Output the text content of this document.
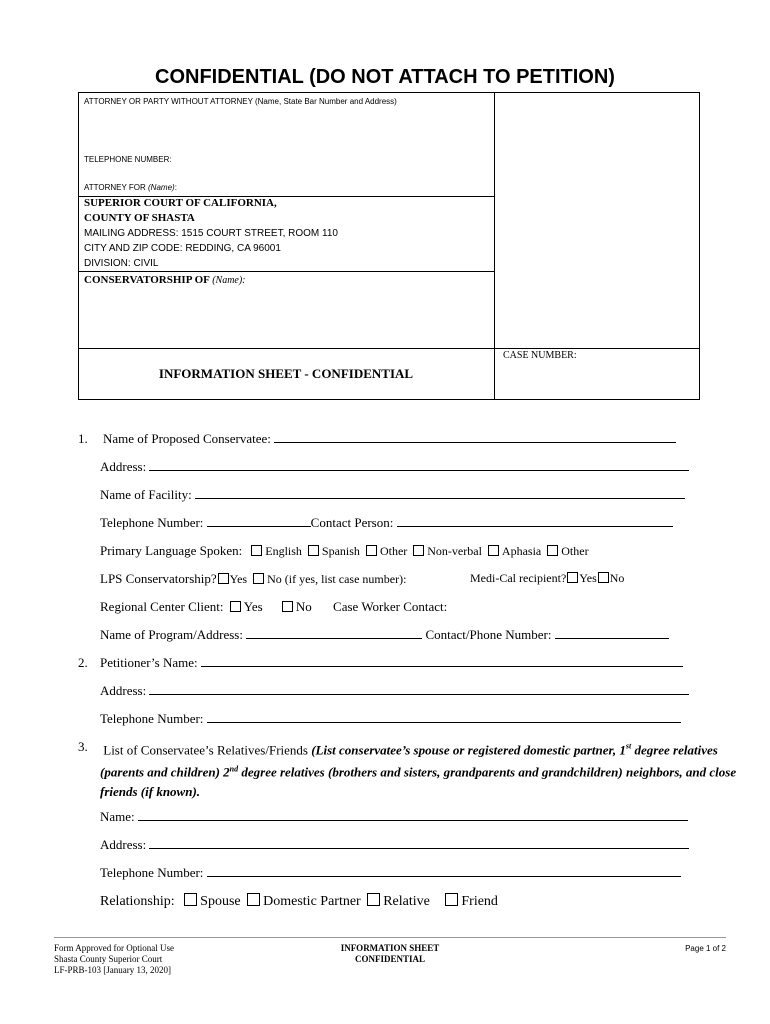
CONFIDENTIAL (DO NOT ATTACH TO PETITION)
ATTORNEY OR PARTY WITHOUT ATTORNEY (Name, State Bar Number and Address)
TELEPHONE NUMBER:
ATTORNEY FOR (Name):
SUPERIOR COURT OF CALIFORNIA,
COUNTY OF SHASTA
MAILING ADDRESS: 1515 COURT STREET, ROOM 110
CITY AND ZIP CODE: REDDING, CA 96001
DIVISION: CIVIL
CONSERVATORSHIP OF (Name):
CASE NUMBER:
INFORMATION SHEET - CONFIDENTIAL
1. Name of Proposed Conservatee:
Address:
Name of Facility:
Telephone Number:	Contact Person:
Primary Language Spoken: English Spanish Other Non-verbal Aphasia Other
LPS Conservatorship? Yes No (if yes, list case number):	Medi-Cal recipient? Yes No
Regional Center Client: Yes	No Case Worker Contact:
Name of Program/Address:	Contact/Phone Number:
2. Petitioner’s Name:
Address:
Telephone Number:
3. List of Conservatee’s Relatives/Friends (List conservatee’s spouse or registered domestic partner, 1st degree relatives (parents and children) 2nd degree relatives (brothers and sisters, grandparents and grandchildren) neighbors, and close friends (if known).
Name:
Address:
Telephone Number:
Relationship: Spouse Domestic Partner Relative Friend
Form Approved for Optional Use
Shasta County Superior Court
LF-PRB-103 [January 13, 2020]
INFORMATION SHEET
CONFIDENTIAL
Page 1 of 2
